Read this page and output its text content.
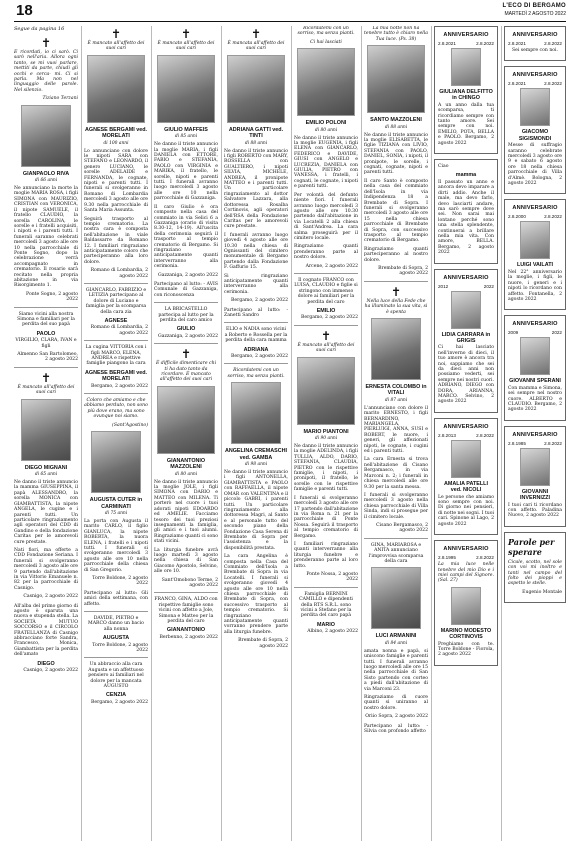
18	L'ECO DI BERGAMO
MARTEDÌ 2 AGOSTO 2022
Segue da pagina 16
✝

E ricordati, io ci sarò. Ci sarò nell'aria. Allora ogni tanto, se mi vuoi parlare, mettiti da parte, chiudi gli occhi e cerca- mi. Ci si parla. Ma non nel linguaggio delle parole. Nel silenzio.

Tiziano Terzani

GIANPAOLO RIVA
di 66 anni

Ne annunciano la morte la moglie MARIA ROSA, i figli SIMONA con MAURIZIO, CRISTIAN con VERONICA, il nipote SAMUELE, il fratello CLAUDIO, la sorella CAROLINA, le sorelle e i fratelli acquisiti, i nipoti e i parenti tutti. I funerali saranno celebrati mercoledì 3 agosto alle ore 10 nella parrocchiale di Ponte Sogno, dopo la celebrazione verrà accompagnato in crematorio. Il rosario sarà recitato nella propria abitazione in via Risorgimento 1.

Ponte Sogno, 2 agosto 2022

Siamo vicini alla nostra Simona e familiari per la perdita del suo papà

PAOLO

VIRGILIO, CLARA, IVAN e figli

Almenno San Bartolomeo, 2 agosto 2022

✝

È mancato all'affetto dei suoi cari

DIEGO MIGNANI
di 65 anni

Ne danno il triste annuncio la mamma GIUSEPPINA, il papà ALESSANDRO, la sorella MONICA con GIAMBATTISTA, la nipote ANGELA, le cugine e i parenti tutti. Un particolare ringraziamento agli operatori del CDD di Gandino e della fondazione Caritas per le amorevoli cure prestate.

Nati fiori, ma offerte a CDD Fondazione Seriana. I funerali si svolgeranno mercoledì 3 agosto alle ore 9 partendo dall'abitazione in via Vittorio Emanuele n. 82 per la parrocchiale di Casnigo.

Casnigo, 2 agosto 2022

All'alba del primo giorno di agosto è sparuta una nuova e stupenda stella. La SOCIETÀ MUTUO SOCCORSO e il CIRCOLO FRATELLANZA di Casnigo abbracciano forte Sandra, Francesco, Monica, Giambattista per la perdita dell'amato

DIEGO

Casnigo, 2 agosto 2022

✝

È mancato all'affetto dei suoi cari

AGNESE BERGAMI ved. MORELATI
di 100 anni

Lo annunciano con dolore le nipoti SARA con STEFANO e LEONARDO, il genero LUCIANO, le sorelle ADELAIDE e FERNANDA, le cognate, nipoti e parenti tutti. I funerali si svolgeranno in Romano di Lombardia mercoledì 3 agosto alle ore 9.30 nella parrocchiale di Santa Maria Assunta.

Seguirà trasporto al tempio crematorio. La nostra cara è composta nell'abitazione in viale Baldassarre da Romano 12. I familiari ringraziano anticipatamente coloro che parteciperanno alla loro dolore.

Romano di Lombardia, 2 agosto 2022

GIANCARLO, FABRIZIO e LETIZIA partecipano al dolore di Luciano e famiglia per la scomparsa della cara zia

AGNESE

Romano di Lombardia, 2 agosto 2022

La cugina VITTORIA con i figli MARCO, ELENA, ANDREA e rispettive famiglie piangono la cara

AGNESE BERGAMI ved. MORELATI

Bergamo, 2 agosto 2022

Coloro che amiamo e che abbiamo perduto, non sono più dove erano, ma sono ovunque noi siamo.

(Sant'Agostino)

AUGUSTA CUTER in CARMINATI
di 75 anni

La porta con Augusta il marito CARLO, il figlio GIANLUCA, la nipote ROBERTA, la nuora ELENA, i fratelli e i nipoti tutti. I funerali si svolgeranno mercoledì 3 agosto alle ore 10 nella parrocchiale della chiesa di San Gregorio.

Torre Boldone, 2 agosto 2022

Partecipano al lutto: Gli amici della settimana, con affetto.

DAVIDE, PIETRO e MARCO danno un bacio alla nonna

AUGUSTA

Torre Boldone, 2 agosto 2022

Un abbraccio alla cara Augusta e un affettuoso pensiero ai familiari nel dolore per la mancata AUGUSTO

CENZIA

Bergamo, 2 agosto 2022

✝

È mancato all'affetto dei suoi cari

GIULIO MAFFEIS
di 85 anni

Ne danno il triste annuncio la moglie MARIA, i figli DANIELA con ETTORE, FABIO e STEFANIA, PAOLO con VIRGINIA e MARIKA, il fratello, le sorelle, nipoti e parenti tutti. I funerali avranno luogo mercoledì 3 agosto alle ore 10 nella parrocchiale di Gazzaniga.

Il caro Giulio è ora composto nella casa del commiato in via Selici 6 a Gazzaniga (orario di visita 8.30-12, 14-19). All'uscita della cerimonia seguirà il trasporto al tempio crematorio di Bergamo. Si ringraziano anticipatamente quanti interverranno alla cerimonia.

Gazzaniga, 2 agosto 2022

Partecipano al lutto: - AVIS Comunale di Gazzaniga, con riconoscenza

LA BRICASTELLO partecipa al lutto per la perdita del caro amico

GIULIO

Gazzaniga, 2 agosto 2022

✝

È difficile dimenticare chi ti ha dato tanto da ricordare. È mancato all'affetto dei suoi cari

GIANANTONIO MAZZOLENI
di 80 anni

Ne danno il triste annuncio la moglie JOLE, i figli SIMONA con DARIO e MATTEO con MILENA. Ti porterò nel cuore i tuoi adorati nipoti EDOARDO ed AMELIE. Facciamo tesoro dei tuoi preziosi insegnamenti la famiglia, gli amici e i tuoi alunni. Ringraziamo quanti ci sono stati vicini.

La liturgia funebre avrà luogo martedì 3 agosto nella chiesa di San Giacomo Apostolo, Selvino, alle ore 10.

Sant'Omobono Terme, 2 agosto 2022

FRANCO, GINA, ALDO con rispettive famiglie sono vicini con affetto a Jole, Simona e Matteo per la perdita del caro

GIANANTONIO

Berbenno, 2 agosto 2022

✝

È mancata all'affetto dei suoi cari

ADRIANA GATTI ved. TINTI
di 88 anni

Ne danno il triste annuncio i figli ROBERTO con MARY, ROSSELLA con GUALTIERO, i nipoti SILVIA, MICHELE, ANDREA, il pronipote MATTEO e i parenti tutti. Un particolare ringraziamento al dottor Salvatore Lazzara, alla dottoressa Rosalba Cortinovis, agli operatori dell'RSA della Fondazione Caritas per le amorevoli cure prestate.

I funerali avranno luogo giovedì 4 agosto alle ore 10.30 nella chiesa di Ognissanti del cimitero monumentale di Bergamo partendo dalla Fondazione F. Gaffurio 15.

Si ringraziano anticipatamente quanti interverranno alla cerimonia.

Bergamo, 2 agosto 2022

Partecipano al lutto: - Zanetti Sandro

ELIO e NADIA sono vicini a Roberto e Rossella per la perdita della cara mamma

ADRIANA

Bergamo, 2 agosto 2022

Ricordatemi con un sorriso, ma senza pianti.

ANGELINA CREMASCHI ved. GAMBA
di 98 anni

Ne danno il triste annuncio i figli ANTONELLA, GIAMBATTISTA e PAOLO con RAFFAELLA, il nipote OMAR con VALENTINA e il piccolo GABRI, i parenti tutti. Un particolare ringraziamento alla dottoressa Magri, al Santo e al personale tutto del secondo piano della Fondazione Casa Serena di Brembate di Sopra per l'assistenza e la disponibilità prestata.

La cara Angelina è composta nella Casa del Commiato dell'Isola a Brembate di Sopra in via Locatelli. I funerali si svolgeranno giovedì 4 agosto alle ore 10 nella chiesa parrocchiale di Brembate di Sopra, con successivo trasporto al tempio crematorio. Si ringraziano anticipatamente quanti vorranno prendere parte alla liturgia funebre.

Brembate di Sopra, 2 agosto 2022

Ricordatemi con un sorriso, ma senza pianti.

Ci hai lasciati

EMILIO POLONI
di 80 anni

Ne danno il triste annuncio la moglie EUGENIA, i figli ELENA con GIANCARLO, FEDERICO e DAVIDE, GIUSI con ANGELO e LUCREZIA, DANIELA con GIULIA, PIETRO con VANESSA, i fratelli, i cognati, le cognate, i nipoti e parenti tutti.

Per volontà del defunto niente fiori. I funerali avranno luogo mercoledì 3 agosto alle ore 10.30 partendo dall'abitazione in via Locatelli 2 alla chiesa di Sant'Andrea. La cara salma proseguirà per il cimitero locale.

Ringraziamo quanti prenderanno parte al nostro dolore.

Arcene, 2 agosto 2022

Il cognato FRANCO con LUISA, CLAUDIO e figlie si stringono con immenso dolore ai familiari per la perdita del caro

EMILIO

Bergamo, 2 agosto 2022

✝

È mancato all'affetto dei suoi cari

MARIO PIANTONI
di 90 anni

Ne danno il triste annuncio la moglie ADELINDA, i figli TULLIA, ALDO, DARIO, STEFANIA, CLAUDIA, PIETRO con le rispettive famiglie, i nipoti, i pronipoti, il fratello, le sorelle con le rispettive famiglie e parenti tutti.

I funerali si svolgeranno mercoledì 3 agosto alle ore 17 partendo dall'abitazione in via Roma n. 21 per la parrocchiale di Ponte Nossa. Seguirà il trasporto al tempio crematorio di Bergamo.

I familiari ringraziano quanti interverranno alla liturgia funebre e prenderanno parte al loro lutto.

Ponte Nossa, 2 agosto 2022

Famiglia BERNINI CAMILLO e dipendenti della RTS S.R.L. sono vicini a Stefano per la perdita del caro papà

MARIO

Albino, 2 agosto 2022

La mia notte non ha tenebre tutto è chiaro nella Tua luce. (Ps. 38)

SANTO MAZZOLENI
di 88 anni

Ne danno il triste annuncio la moglie ELISABETTA, le figlie TIZIANA con LIVIO, STEFANIA con PAOLO, DANIEL, SONIA, i nipoti, il pronipote, le sorelle, i cognati, cognate, nipoti e parenti tutti.

Il caro Santo è composto nella casa del commiato dell'Isola in via Indipendenza 18 a Brembate di Sopra. I funerali si svolgeranno mercoledì 3 agosto alle ore 15 nella chiesa parrocchiale di Brembate di Sopra, con successivo trasporto al tempio crematorio di Bergamo.

Ringraziamo quanti parteciperanno al nostro dolore.

Brembate di Sopra, 2 agosto 2022

✝

Nella luce della Fede che ha illuminato la sua vita, si è spenta

ERNESTA COLOMBO in VITALI
di 87 anni

L'annunciano con dolore il marito ERNESTO, i figli BERNARDINO, MARIANGELA, PIERLUIGI, ANNA, SUSI e ROBERT, le nuore, i generi, gli affezionati nipoti, le cognate, i cugini ed i parenti tutti.

La cara Ernesta si trova nell'abitazione di Cisano Bergamasco, in via Marconi n. 2; i funerali in chiesa mercoledì alle ore 9.30 per la santa messa.

I funerali si svolgeranno mercoledì 3 agosto nella chiesa parrocchiale di Villa Sinda, indi si prosegue per il cimitero locale.

Cisano Bergamasco, 2 agosto 2022

GINA, MARIAROSA e ANITA annunciano l'improvvisa scomparsa della cara

LUCI ARMANINI
di 84 anni

amata nonna e papà, si uniscono famiglie e parenti tutti. I funerali avranno luogo mercoledì alle ore 15 nella parrocchiale di San Sisto partendo con corteo a piedi dall'abitazione di via Marconi 23.

Ringraziamo di cuore quanti si uniranno al nostro dolore.

Oriio Sopra, 2 agosto 2022

Partecipano al lutto: - Silvia con profondo affetto

ANNIVERSARIO
2.8.2021	2.8.2022
GIULIANA DELFITTO in CHINGO

A un anno dalla tua scomparsa, ti ricordiamo sempre con tanto amore. Sei sempre con noi. EMILIO, POTA, BELLA e PAOLO. Bergamo, 2 agosto 2022

Ciao

mamma

Il passato un anno e ancora devo imparare a dirti addio. Anche il male, ma devo farlo, devo lasciarti andare, ma sarò sempre dove sei. Non sarai mai lontano perché sono una stella splendente, continuerai a brillare nella mia vita. Con amore, BELLA. Bergamo, 2 agosto 2022

ANNIVERSARIO
2012	2022
LIDIA CARRARA in GRIGIS

Ci hai lasciato nell'inverno di dieci, il tuo amore è ancora tra noi, sappiamo che sei da dieci anni non possiamo vederti, sei sempre nei nostri cuori. ADRIANO, DIEGO con DORA, ARIANNA, MARCO. Selvino, 2 agosto 2022

ANNIVERSARIO
2.8.2013	2.8.2022
AMALIA PATELLI ved. NICOLI

Le persone che amiamo sono sempre con noi. Di giorno nei pensieri, di notte nei sogni. I tuoi cari. Spinone al Lago, 2 agosto 2022

ANNIVERSARIO
2.8.1995	2.8.2022

La mia luce nelle tenebre del mio Dio e i miei campi del Signore. (Sal. 27)

MARINO MODESTO CORTINOVIS

Preghiamo con te. Torre Boldone - Fiorola, 2 agosto 2022

ANNIVERSARIO
2.8.2021	2.8.2022

Sei sempre con noi.

ANNIVERSARIO
2.8.2021	2.8.2022
GIACOMO SIGISMONDI

Messe di suffragio saranno celebrate mercoledì 3 agosto ore 9 e sabato 6 agosto ore 18 nella chiesa parrocchiale di Villa d'Almè. Bologna, 2 agosto 2022

ANNIVERSARIO
2.8.2000	2.8.2022
LUIGI VAILATI

Nel 22° anniversario la moglie, i figli, le nuore, i generi e i nipoti lo ricordano con affetto. Fontanella, 2 agosto 2022

ANNIVERSARIO
2009	2022
GIOVANNI SPERANI

Con mamma e Simona, sei sempre nel nostro cuore. ALBERTO e CLAUDIO. Bergamo, 2 agosto 2022

ANNIVERSARIO
2.8.1985	2.8.2022
GIOVANNI INVERNIZZI

I tuoi cari ti ricordano con affetto. Paladina Nuovo, 2 agosto 2022

Parole per sperare

Cicale, scotto, nel sole con voi mi inoltro e tanti nel campo del folto dei pioppi e aspetto le stelle.

Eugenio Montale
